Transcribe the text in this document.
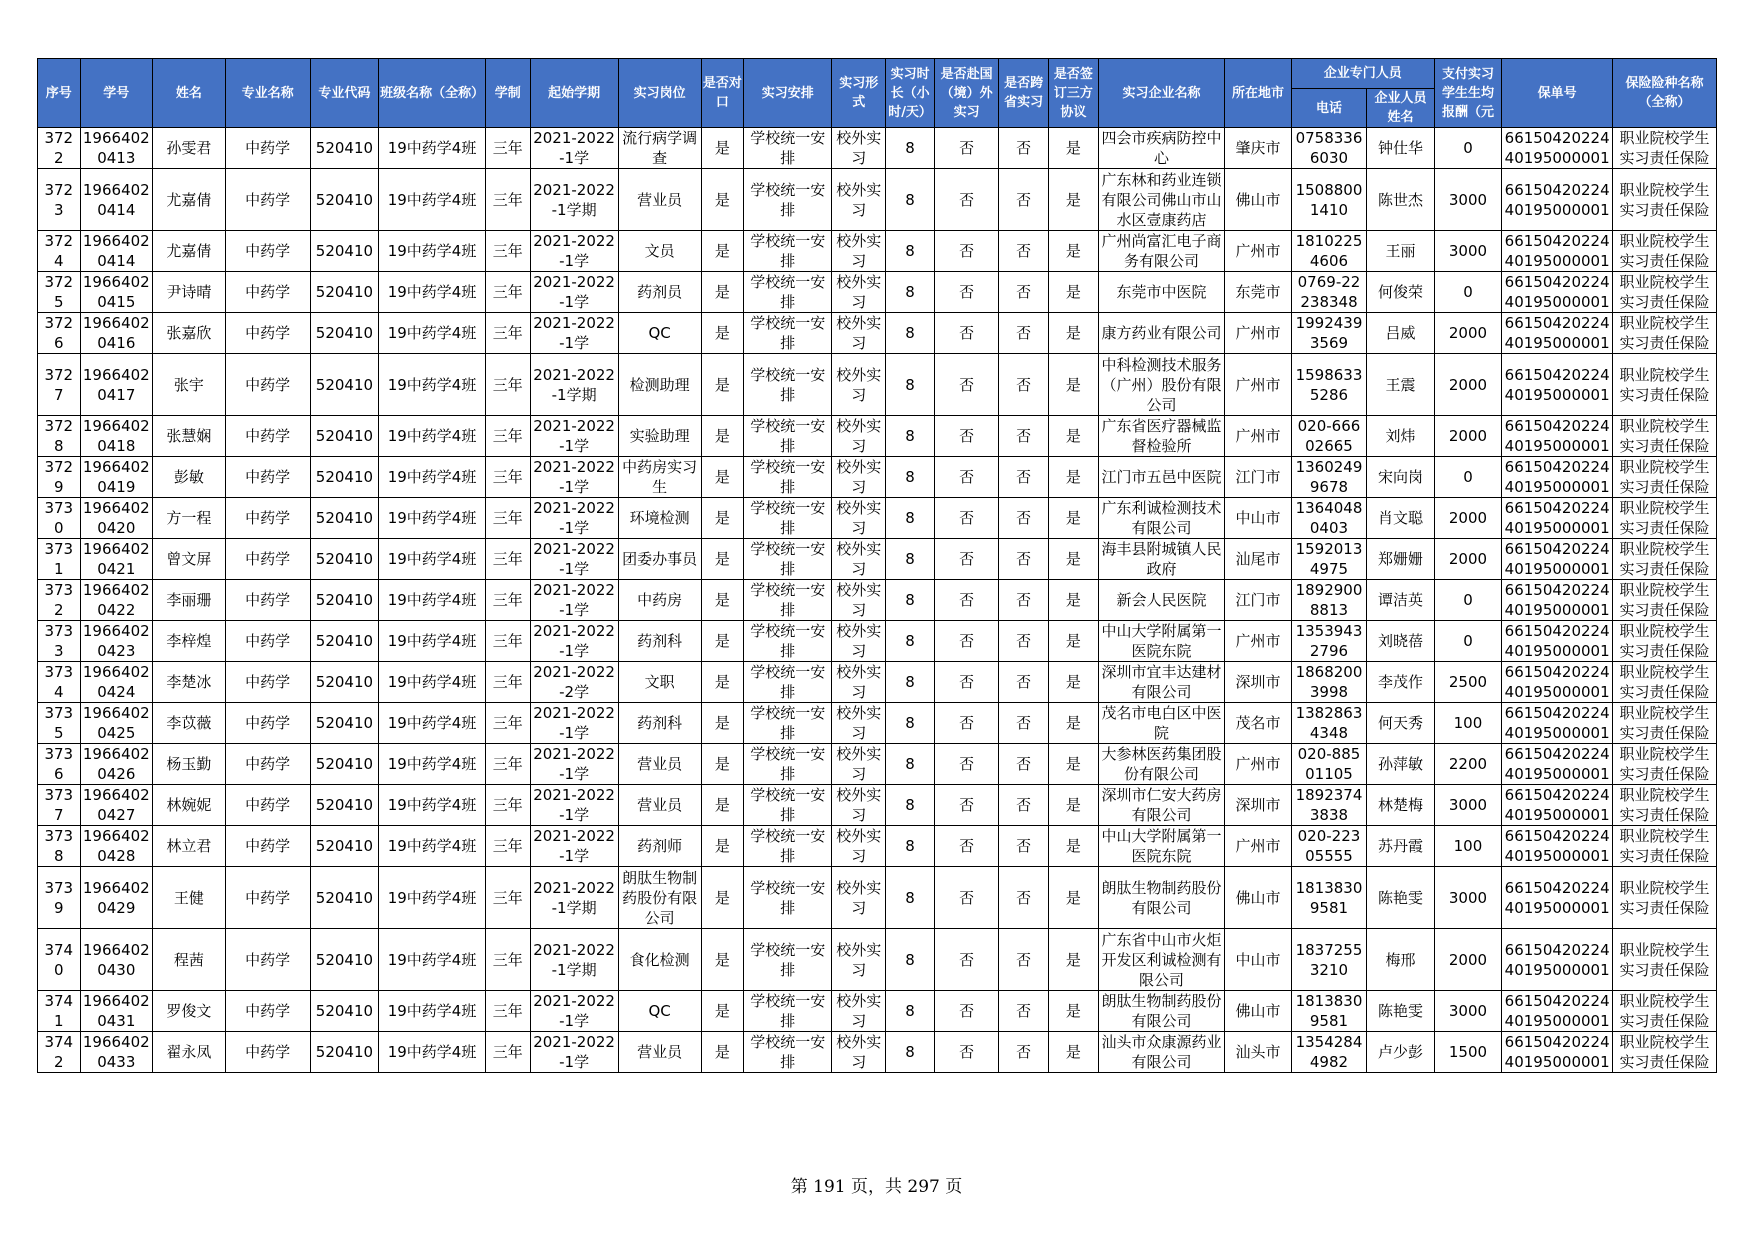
序号	学号	姓名	专业名称	专业代码	班级名称（全称）	学制	起始学期	实习岗位	是否对口	实习安排	实习形式	实习时长（小时/天）	是否赴国（境）外实习	是否跨省实习	是否签订三方协议	实习企业名称	所在地市	企业专门人员		支付实习学生生均报酬（元	保单号	保险险种名称（全称）
																		电话	企业人员姓名			

3722	19664020413	孙雯君	中药学	520410	19中药学4班	三年	2021-2022-1学	流行病学调查	是	学校统一安排	校外实习	8	否	否	是	四会市疾病防控中心	肇庆市	07583366030	钟仕华	0	6615042022440195000001	职业院校学生实习责任保险

3723	19664020414	尤嘉倩	中药学	520410	19中药学4班	三年	2021-2022-1学期	营业员	是	学校统一安排	校外实习	8	否	否	是	广东林和药业连锁有限公司佛山市山水区壹康药店	佛山市	15088001410	陈世杰	3000	6615042022440195000001	职业院校学生实习责任保险

3724	19664020414	尤嘉倩	中药学	520410	19中药学4班	三年	2021-2022-1学	文员	是	学校统一安排	校外实习	8	否	否	是	广州尚富汇电子商务有限公司	广州市	18102254606	王丽	3000	6615042022440195000001	职业院校学生实习责任保险

3725	19664020415	尹诗晴	中药学	520410	19中药学4班	三年	2021-2022-1学	药剂员	是	学校统一安排	校外实习	8	否	否	是	东莞市中医院	东莞市	0769-22238348	何俊荣	0	6615042022440195000001	职业院校学生实习责任保险

3726	19664020416	张嘉欣	中药学	520410	19中药学4班	三年	2021-2022-1学	QC	是	学校统一安排	校外实习	8	否	否	是	康方药业有限公司	广州市	19924393569	吕威	2000	6615042022440195000001	职业院校学生实习责任保险

3727	19664020417	张宇	中药学	520410	19中药学4班	三年	2021-2022-1学期	检测助理	是	学校统一安排	校外实习	8	否	否	是	中科检测技术服务（广州）股份有限公司	广州市	15986335286	王震	2000	6615042022440195000001	职业院校学生实习责任保险

3728	19664020418	张慧娴	中药学	520410	19中药学4班	三年	2021-2022-1学	实验助理	是	学校统一安排	校外实习	8	否	否	是	广东省医疗器械监督检验所	广州市	020-66602665	刘炜	2000	6615042022440195000001	职业院校学生实习责任保险

3729	19664020419	彭敏	中药学	520410	19中药学4班	三年	2021-2022-1学	中药房实习生	是	学校统一安排	校外实习	8	否	否	是	江门市五邑中医院	江门市	13602499678	宋向岗	0	6615042022440195000001	职业院校学生实习责任保险

3730	19664020420	方一程	中药学	520410	19中药学4班	三年	2021-2022-1学	环境检测	是	学校统一安排	校外实习	8	否	否	是	广东利诚检测技术有限公司	中山市	13640480403	肖文聪	2000	6615042022440195000001	职业院校学生实习责任保险

3731	19664020421	曾文屏	中药学	520410	19中药学4班	三年	2021-2022-1学	团委办事员	是	学校统一安排	校外实习	8	否	否	是	海丰县附城镇人民政府	汕尾市	15920134975	郑姗姗	2000	6615042022440195000001	职业院校学生实习责任保险

3732	19664020422	李丽珊	中药学	520410	19中药学4班	三年	2021-2022-1学	中药房	是	学校统一安排	校外实习	8	否	否	是	新会人民医院	江门市	18929008813	谭洁英	0	6615042022440195000001	职业院校学生实习责任保险

3733	19664020423	李梓煌	中药学	520410	19中药学4班	三年	2021-2022-1学	药剂科	是	学校统一安排	校外实习	8	否	否	是	中山大学附属第一医院东院	广州市	13539432796	刘晓蓓	0	6615042022440195000001	职业院校学生实习责任保险

3734	19664020424	李楚冰	中药学	520410	19中药学4班	三年	2021-2022-2学	文职	是	学校统一安排	校外实习	8	否	否	是	深圳市宜丰达建材有限公司	深圳市	18682003998	李茂作	2500	6615042022440195000001	职业院校学生实习责任保险

3735	19664020425	李苡薇	中药学	520410	19中药学4班	三年	2021-2022-1学	药剂科	是	学校统一安排	校外实习	8	否	否	是	茂名市电白区中医院	茂名市	13828634348	何天秀	100	6615042022440195000001	职业院校学生实习责任保险

3736	19664020426	杨玉勤	中药学	520410	19中药学4班	三年	2021-2022-1学	营业员	是	学校统一安排	校外实习	8	否	否	是	大参林医药集团股份有限公司	广州市	020-88501105	孙萍敏	2200	6615042022440195000001	职业院校学生实习责任保险

3737	19664020427	林婉妮	中药学	520410	19中药学4班	三年	2021-2022-1学	营业员	是	学校统一安排	校外实习	8	否	否	是	深圳市仁安大药房有限公司	深圳市	18923743838	林楚梅	3000	6615042022440195000001	职业院校学生实习责任保险

3738	19664020428	林立君	中药学	520410	19中药学4班	三年	2021-2022-1学	药剂师	是	学校统一安排	校外实习	8	否	否	是	中山大学附属第一医院东院	广州市	020-22305555	苏丹霞	100	6615042022440195000001	职业院校学生实习责任保险

3739	19664020429	王健	中药学	520410	19中药学4班	三年	2021-2022-1学期	朗肽生物制药股份有限公司	是	学校统一安排	校外实习	8	否	否	是	朗肽生物制药股份有限公司	佛山市	18138309581	陈艳雯	3000	6615042022440195000001	职业院校学生实习责任保险

3740	19664020430	程茜	中药学	520410	19中药学4班	三年	2021-2022-1学期	食化检测	是	学校统一安排	校外实习	8	否	否	是	广东省中山市火炬开发区利诚检测有限公司	中山市	18372553210	梅邢	2000	6615042022440195000001	职业院校学生实习责任保险

3741	19664020431	罗俊文	中药学	520410	19中药学4班	三年	2021-2022-1学	QC	是	学校统一安排	校外实习	8	否	否	是	朗肽生物制药股份有限公司	佛山市	18138309581	陈艳雯	3000	6615042022440195000001	职业院校学生实习责任保险

3742	19664020433	翟永凤	中药学	520410	19中药学4班	三年	2021-2022-1学	营业员	是	学校统一安排	校外实习	8	否	否	是	汕头市众康源药业有限公司	汕头市	13542844982	卢少彭	1500	6615042022440195000001	职业院校学生实习责任保险
第 191 页，共 297 页
